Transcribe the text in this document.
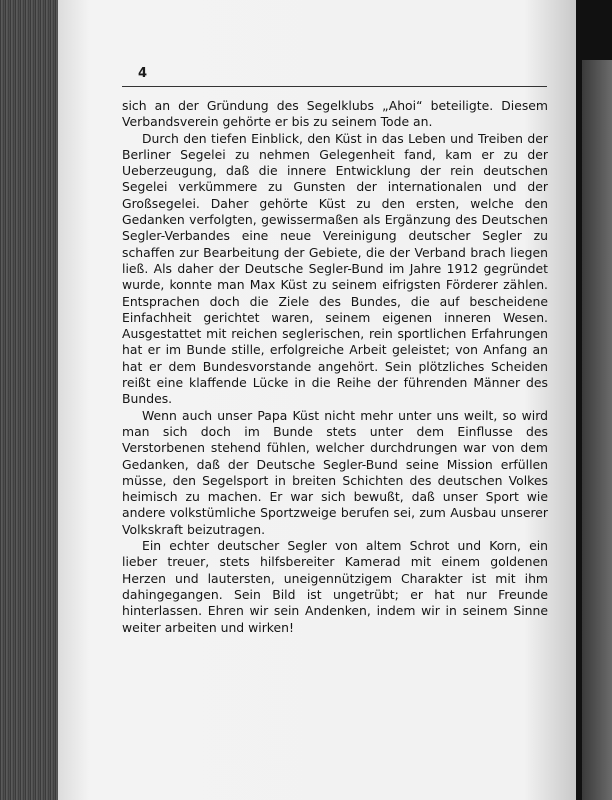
4

sich an der Gründung des Segelklubs „Ahoi“ beteiligte. Diesem Verbandsverein gehörte er bis zu seinem Tode an.

Durch den tiefen Einblick, den Küst in das Leben und Treiben der Berliner Segelei zu nehmen Gelegenheit fand, kam er zu der Ueberzeugung, daß die innere Entwicklung der rein deutschen Segelei verkümmere zu Gunsten der internationalen und der Großsegelei. Daher gehörte Küst zu den ersten, welche den Gedanken verfolgten, gewissermaßen als Ergänzung des Deutschen Segler-Verbandes eine neue Vereinigung deutscher Segler zu schaffen zur Bearbeitung der Gebiete, die der Verband brach liegen ließ. Als daher der Deutsche Segler-Bund im Jahre 1912 gegründet wurde, konnte man Max Küst zu seinem eifrigsten Förderer zählen. Entsprachen doch die Ziele des Bundes, die auf bescheidene Einfachheit gerichtet waren, seinem eigenen inneren Wesen. Ausgestattet mit reichen seglerischen, rein sportlichen Erfahrungen hat er im Bunde stille, erfolgreiche Arbeit geleistet; von Anfang an hat er dem Bundesvorstande angehört. Sein plötzliches Scheiden reißt eine klaffende Lücke in die Reihe der führenden Männer des Bundes.

Wenn auch unser Papa Küst nicht mehr unter uns weilt, so wird man sich doch im Bunde stets unter dem Einflusse des Verstorbenen stehend fühlen, welcher durchdrungen war von dem Gedanken, daß der Deutsche Segler-Bund seine Mission erfüllen müsse, den Segelsport in breiten Schichten des deutschen Volkes heimisch zu machen. Er war sich bewußt, daß unser Sport wie andere volkstümliche Sportzweige berufen sei, zum Ausbau unserer Volkskraft beizutragen.

Ein echter deutscher Segler von altem Schrot und Korn, ein lieber treuer, stets hilfsbereiter Kamerad mit einem goldenen Herzen und lautersten, uneigennützigem Charakter ist mit ihm dahingegangen. Sein Bild ist ungetrübt; er hat nur Freunde hinterlassen. Ehren wir sein Andenken, indem wir in seinem Sinne weiter arbeiten und wirken!
